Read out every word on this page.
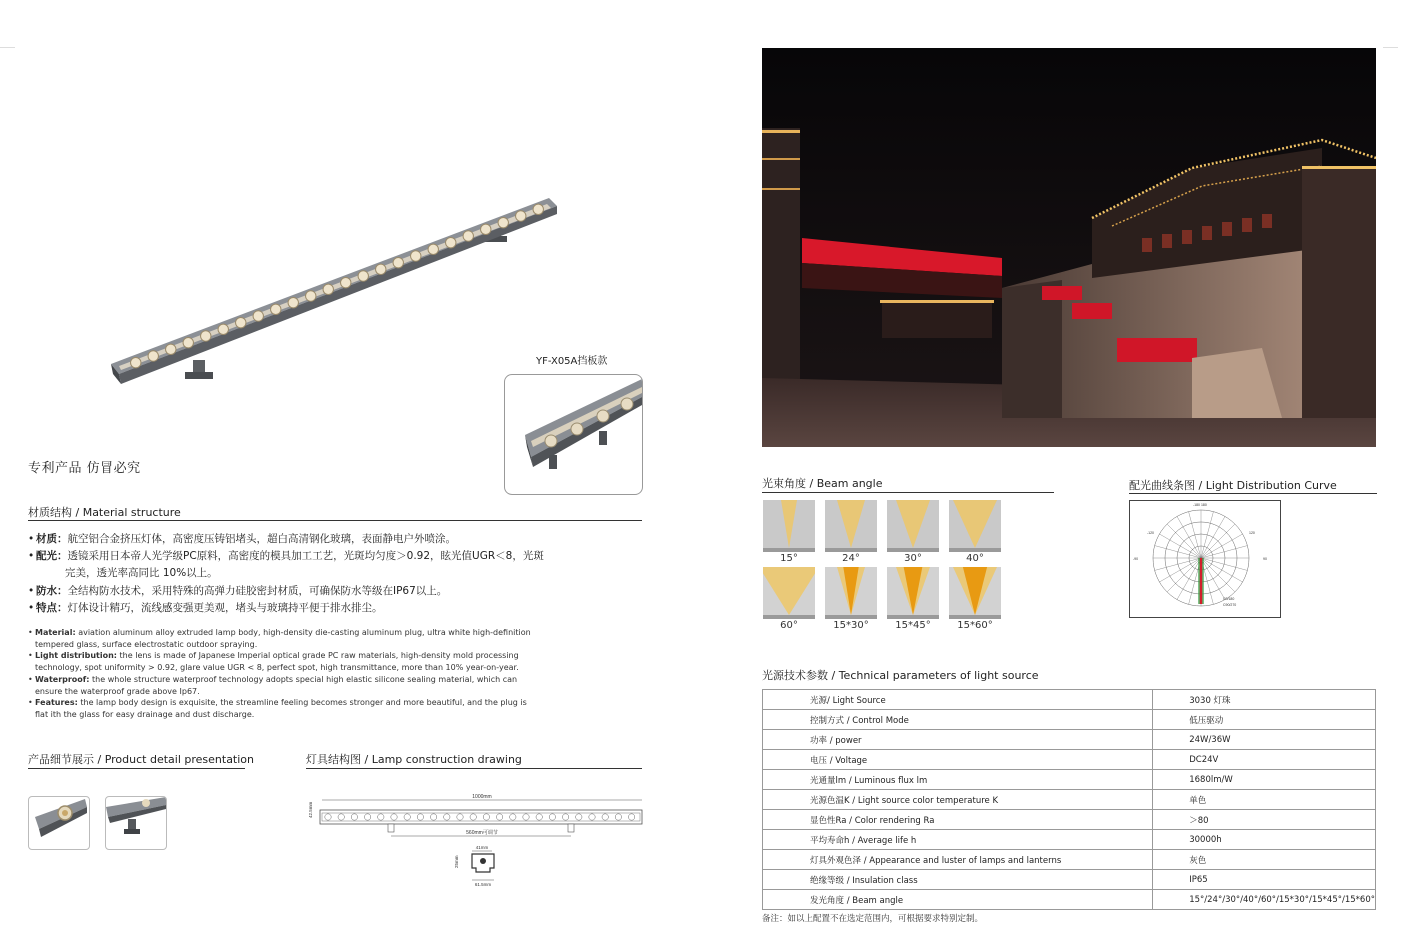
YF-X05A挡板款
专利产品 仿冒必究
材质结构 / Material structure
• 材质 ： 航空铝合金挤压灯体，高密度压铸铝堵头，超白高清钢化玻璃，表面静电户外喷涂。
• 配光 ： 透镜采用日本帝人光学级PC原料，高密度的模具加工工艺，光斑均匀度＞0.92，眩光值UGR＜8，光斑
完美，透光率高同比 10%以上。
• 防水 ： 全结构防水技术，采用特殊的高弹力硅胶密封材质，可确保防水等级在IP67以上。
• 特点 ： 灯体设计精巧，流线感变强更美观，堵头与玻璃持平便于排水排尘。
• Material: aviation aluminum alloy extruded lamp body, high-density die-casting aluminum plug, ultra white high-definition tempered glass, surface electrostatic outdoor spraying.
• Light distribution: the lens is made of Japanese Imperial optical grade PC raw materials, high-density mold processing technology, spot uniformity > 0.92, glare value UGR < 8, perfect spot, high transmittance, more than 10% year-on-year.
• Waterproof: the whole structure waterproof technology adopts special high elastic silicone sealing material, which can ensure the waterproof grade above Ip67.
• Features: the lamp body design is exquisite, the streamline feeling becomes stronger and more beautiful, and the plug is flat ith the glass for easy drainage and dust discharge.
产品细节展示 / Product detail presentation	灯具结构图 / Lamp construction drawing
1000mm
42.5mm
560mm可调节
41mm
25mm
61.5mm
光束角度 / Beam angle
15°	24°	30°	40°
60°	15*30°	15*45°	15*60°
配光曲线条图 / Light Distribution Curve
-180 180
-120	120
-90	90
C0/180
C90/270
光源技术参数 / Technical parameters of light source
光源/ Light Source	3030 灯珠
控制方式 / Control Mode	低压驱动
功率 / power	24W/36W
电压 / Voltage	DC24V
光通量lm / Luminous flux lm	1680lm/W
光源色温K / Light source color temperature K	单色
显色性Ra / Color rendering Ra	＞80
平均寿命h / Average life h	30000h
灯具外观色泽 / Appearance and luster of lamps and lanterns	灰色
绝缘等级 / Insulation class	IP65
发光角度 / Beam angle	15°/24°/30°/40°/60°/15*30°/15*45°/15*60°
备注：如以上配置不在选定范围内，可根据要求特别定制。
